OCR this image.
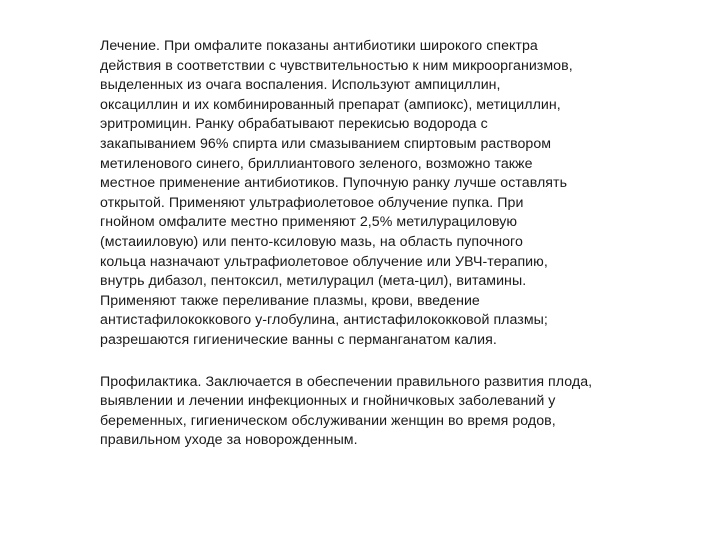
Лечение. При омфалите показаны антибиотики широкого спектра
действия в соответствии с чувствительностью к ним микроорганизмов,
выделенных из очага воспаления. Используют ампициллин,
оксациллин и их комбинированный препарат (ампиокс), метициллин,
эритромицин. Ранку обрабатывают перекисью водорода с
закапыванием 96% спирта или смазыванием спиртовым раствором
метиленового синего, бриллиантового зеленого, возможно также
местное применение антибиотиков. Пупочную ранку лучше оставлять
открытой. Применяют ультрафиолетовое облучение пупка. При
гнойном омфалите местно применяют 2,5% метилурациловую
(мстаииловую) или пенто-ксиловую мазь, на область пупочного
кольца назначают ультрафиолетовое облучение или УВЧ-терапию,
внутрь дибазол, пентоксил, метилурацил (мета-цил), витамины.
Применяют также переливание плазмы, крови, введение
антистафилококкового у-глобулина, антистафилококковой плазмы;
разрешаются гигиенические ванны с перманганатом калия.

Профилактика. Заключается в обеспечении правильного развития плода,
выявлении и лечении инфекционных и гнойничковых заболеваний у
беременных, гигиеническом обслуживании женщин во время родов,
правильном уходе за новорожденным.
